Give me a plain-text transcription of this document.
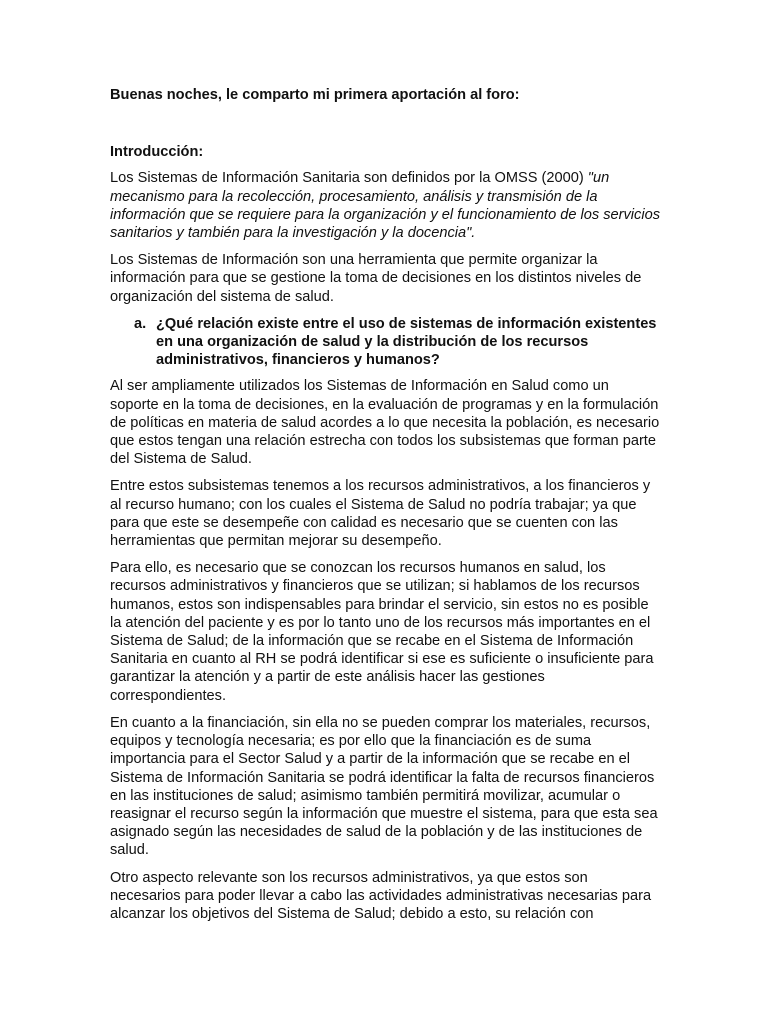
Buenas noches, le comparto mi primera aportación al foro:
Introducción:

Los Sistemas de Información Sanitaria son definidos por la OMSS (2000) "un mecanismo para la recolección, procesamiento, análisis y transmisión de la información que se requiere para la organización y el funcionamiento de los servicios sanitarios y también para la investigación y la docencia".

Los Sistemas de Información son una herramienta que permite organizar la información para que se gestione la toma de decisiones en los distintos niveles de organización del sistema de salud.

a. ¿Qué relación existe entre el uso de sistemas de información existentes en una organización de salud y la distribución de los recursos administrativos, financieros y humanos?

Al ser ampliamente utilizados los Sistemas de Información en Salud como un soporte en la toma de decisiones, en la evaluación de programas y en la formulación de políticas en materia de salud acordes a lo que necesita la población, es necesario que estos tengan una relación estrecha con todos los subsistemas que forman parte del Sistema de Salud.

Entre estos subsistemas tenemos a los recursos administrativos, a los financieros y al recurso humano; con los cuales el Sistema de Salud no podría trabajar; ya que para que este se desempeñe con calidad es necesario que se cuenten con las herramientas que permitan mejorar su desempeño.

Para ello, es necesario que se conozcan los recursos humanos en salud, los recursos administrativos y financieros que se utilizan; si hablamos de los recursos humanos, estos son indispensables para brindar el servicio, sin estos no es posible la atención del paciente y es por lo tanto uno de los recursos más importantes en el Sistema de Salud; de la información que se recabe en el Sistema de Información Sanitaria en cuanto al RH se podrá identificar si ese es suficiente o insuficiente para garantizar la atención y a partir de este análisis hacer las gestiones correspondientes.

En cuanto a la financiación, sin ella no se pueden comprar los materiales, recursos, equipos y tecnología necesaria; es por ello que la financiación es de suma importancia para el Sector Salud y a partir de la información que se recabe en el Sistema de Información Sanitaria se podrá identificar la falta de recursos financieros en las instituciones de salud; asimismo también permitirá movilizar, acumular o reasignar el recurso según la información que muestre el sistema, para que esta sea asignado según las necesidades de salud de la población y de las instituciones de salud.

Otro aspecto relevante son los recursos administrativos, ya que estos son necesarios para poder llevar a cabo las actividades administrativas necesarias para alcanzar los objetivos del Sistema de Salud; debido a esto, su relación con
